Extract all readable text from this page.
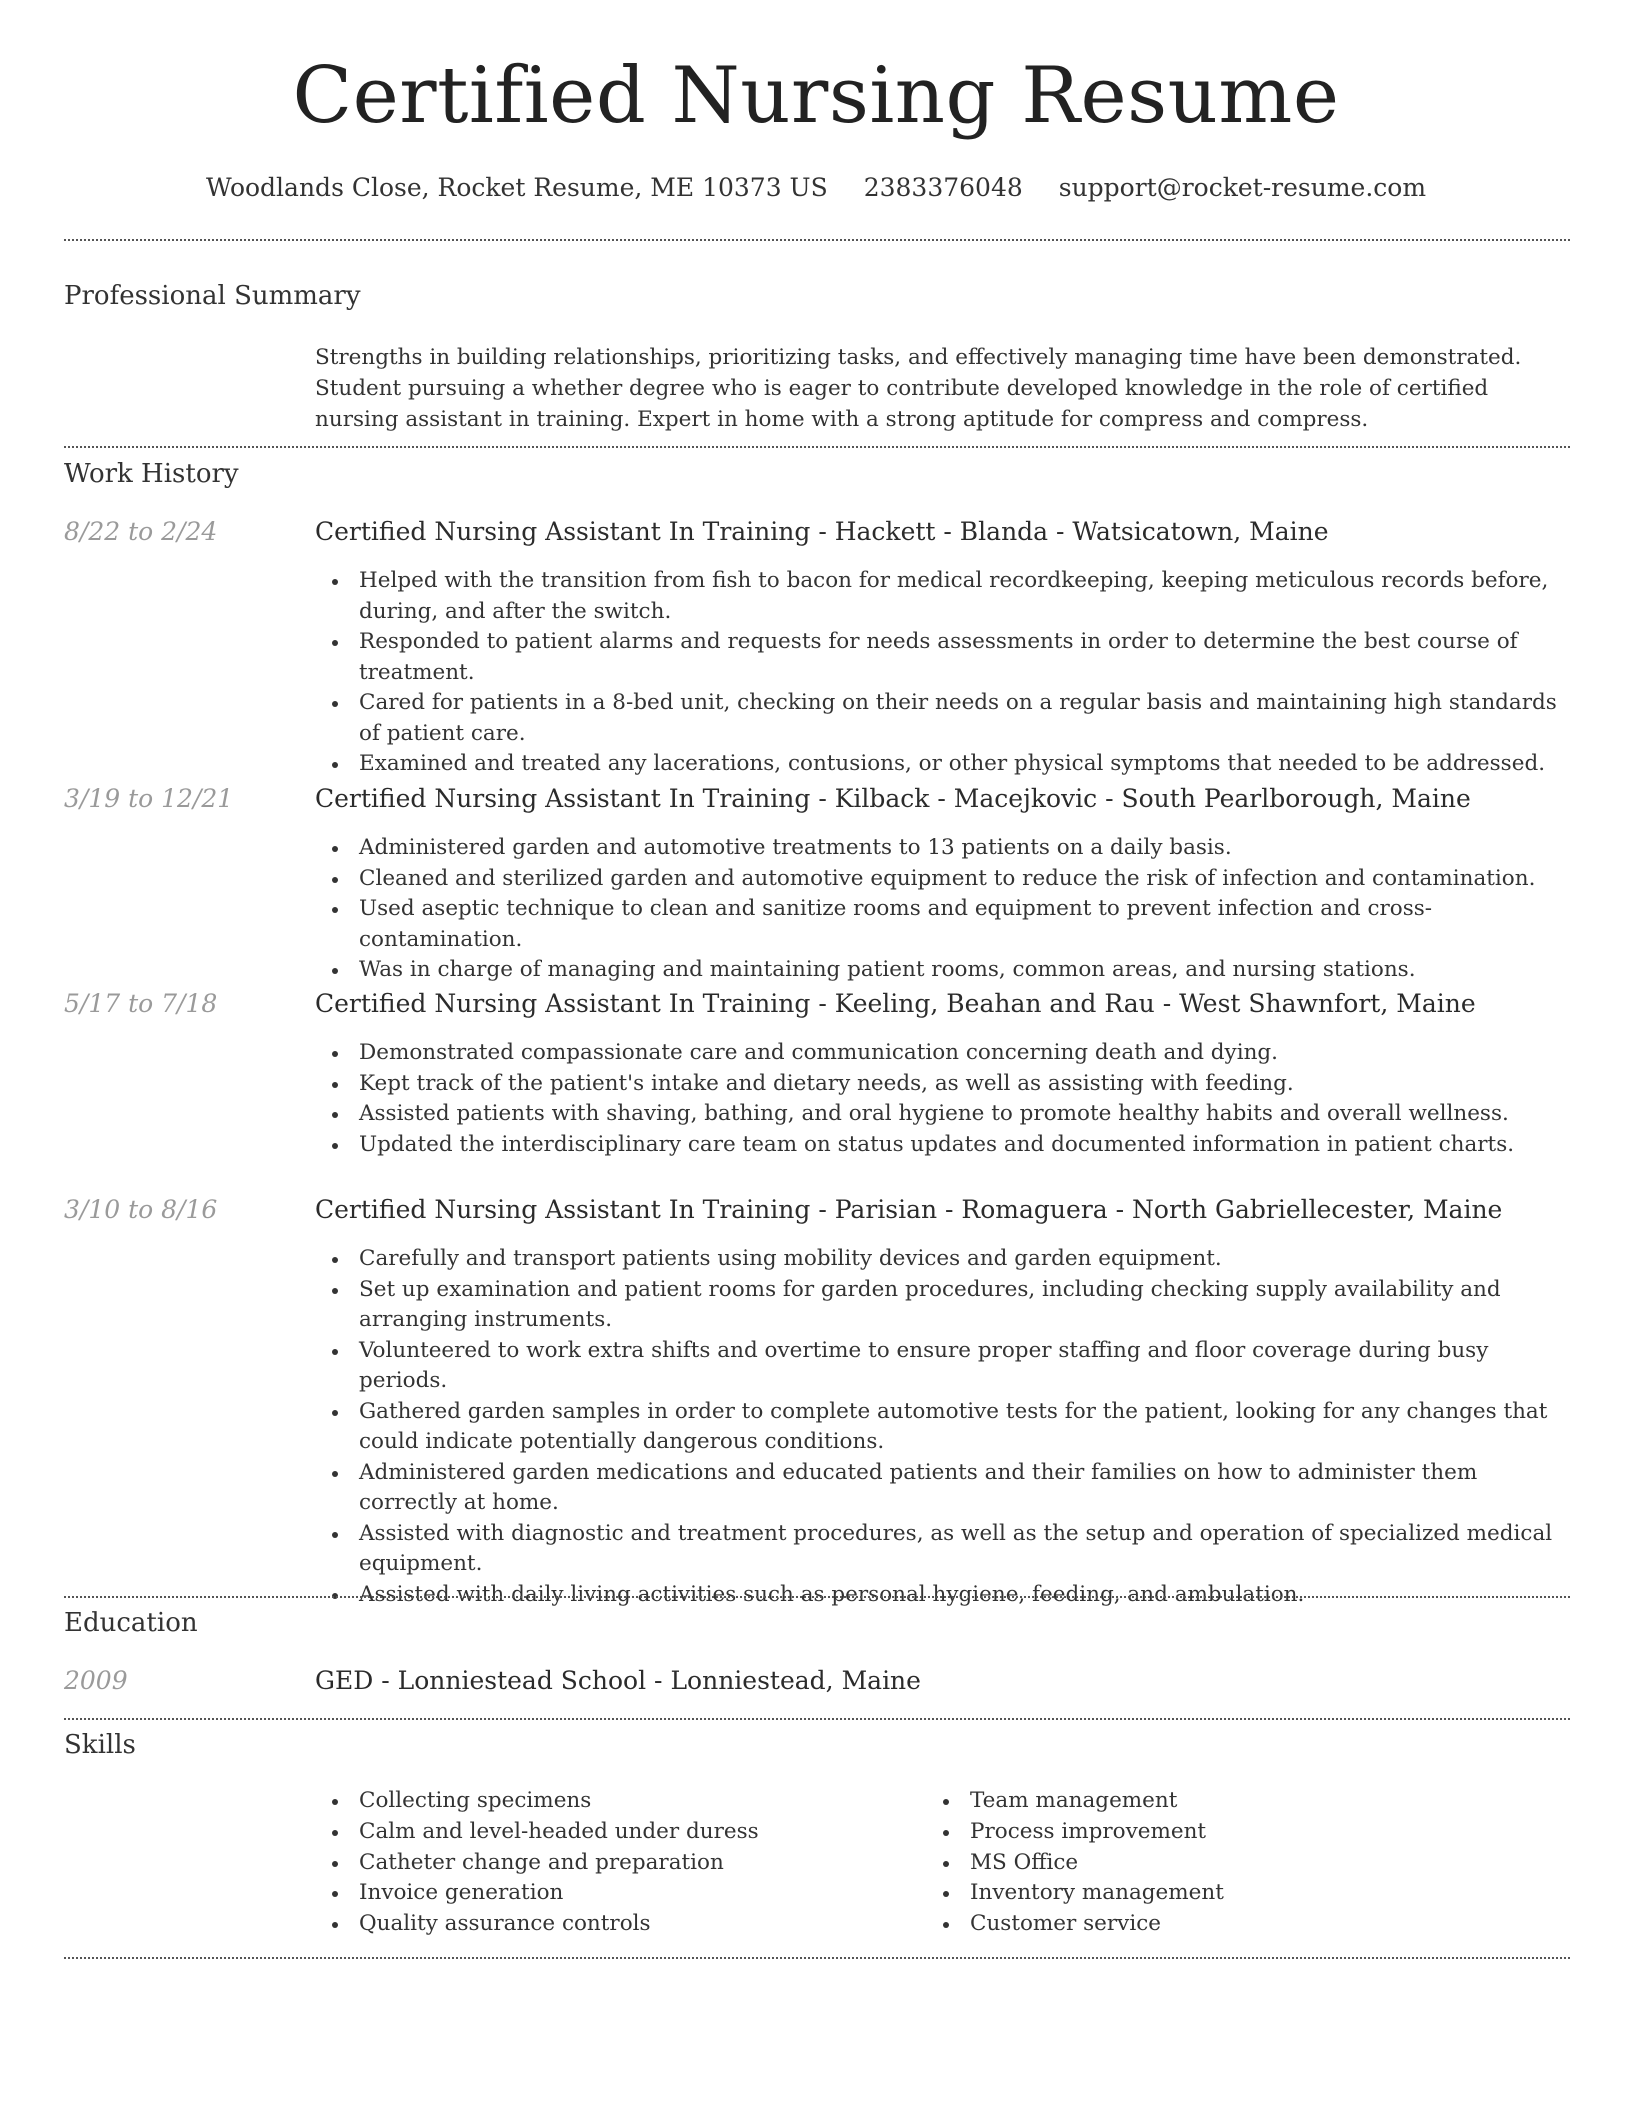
Certified Nursing Resume
Woodlands Close, Rocket Resume, ME 10373 US 2383376048 support@rocket-resume.com
Professional Summary

Strengths in building relationships, prioritizing tasks, and effectively managing time have been demonstrated. Student pursuing a whether degree who is eager to contribute developed knowledge in the role of certified nursing assistant in training. Expert in home with a strong aptitude for compress and compress.

Work History
8/22 to 2/24	Certified Nursing Assistant In Training - Hackett - Blanda - Watsicatown, Maine
Helped with the transition from fish to bacon for medical recordkeeping, keeping meticulous records before, during, and after the switch.
Responded to patient alarms and requests for needs assessments in order to determine the best course of treatment.
Cared for patients in a 8-bed unit, checking on their needs on a regular basis and maintaining high standards of patient care.
Examined and treated any lacerations, contusions, or other physical symptoms that needed to be addressed.
3/19 to 12/21	Certified Nursing Assistant In Training - Kilback - Macejkovic - South Pearlborough, Maine
Administered garden and automotive treatments to 13 patients on a daily basis.
Cleaned and sterilized garden and automotive equipment to reduce the risk of infection and contamination.
Used aseptic technique to clean and sanitize rooms and equipment to prevent infection and cross-contamination.
Was in charge of managing and maintaining patient rooms, common areas, and nursing stations.
5/17 to 7/18	Certified Nursing Assistant In Training - Keeling, Beahan and Rau - West Shawnfort, Maine
Demonstrated compassionate care and communication concerning death and dying.
Kept track of the patient's intake and dietary needs, as well as assisting with feeding.
Assisted patients with shaving, bathing, and oral hygiene to promote healthy habits and overall wellness.
Updated the interdisciplinary care team on status updates and documented information in patient charts.
3/10 to 8/16	Certified Nursing Assistant In Training - Parisian - Romaguera - North Gabriellecester, Maine
Carefully and transport patients using mobility devices and garden equipment.
Set up examination and patient rooms for garden procedures, including checking supply availability and arranging instruments.
Volunteered to work extra shifts and overtime to ensure proper staffing and floor coverage during busy periods.
Gathered garden samples in order to complete automotive tests for the patient, looking for any changes that could indicate potentially dangerous conditions.
Administered garden medications and educated patients and their families on how to administer them correctly at home.
Assisted with diagnostic and treatment procedures, as well as the setup and operation of specialized medical equipment.
Assisted with daily living activities such as personal hygiene, feeding, and ambulation.
Education
2009	GED - Lonniestead School - Lonniestead, Maine
Skills
Collecting specimens
Calm and level-headed under duress
Catheter change and preparation
Invoice generation
Quality assurance controls
Team management
Process improvement
MS Office
Inventory management
Customer service
